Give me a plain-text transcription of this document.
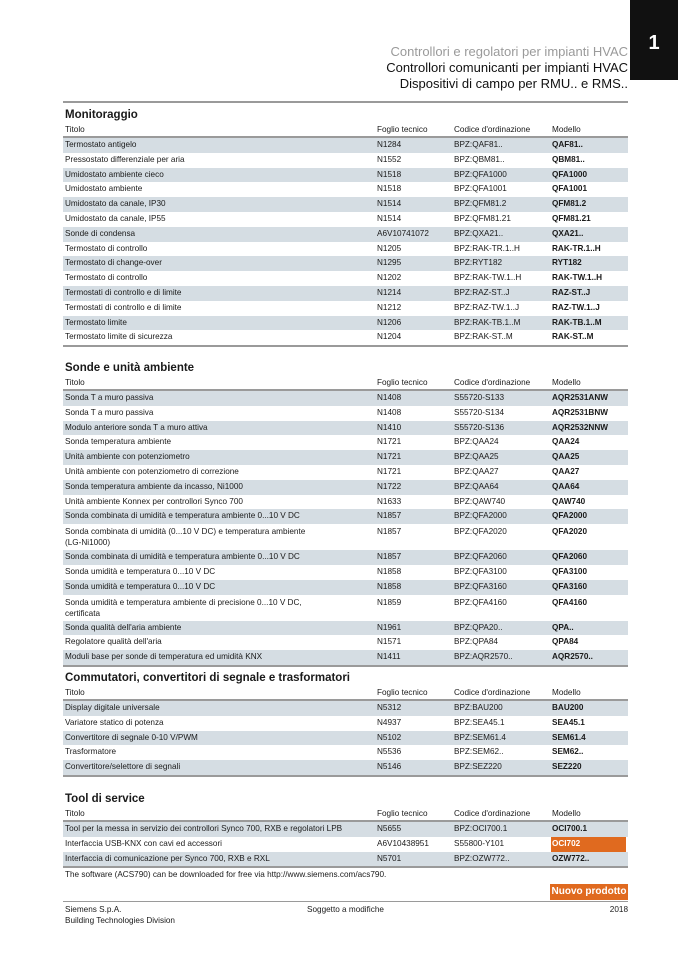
1
Controllori e regolatori per impianti HVAC
Controllori comunicanti per impianti HVAC
Dispositivi di campo per RMU.. e RMS..
Monitoraggio
Titolo	Foglio tecnico	Codice d'ordinazione	Modello
Termostato antigelo	N1284	BPZ:QAF81..	QAF81..
Pressostato differenziale per aria	N1552	BPZ:QBM81..	QBM81..
Umidostato ambiente cieco	N1518	BPZ:QFA1000	QFA1000
Umidostato ambiente	N1518	BPZ:QFA1001	QFA1001
Umidostato da canale, IP30	N1514	BPZ:QFM81.2	QFM81.2
Umidostato da canale, IP55	N1514	BPZ:QFM81.21	QFM81.21
Sonde di condensa	A6V10741072	BPZ:QXA21..	QXA21..
Termostato di controllo	N1205	BPZ:RAK-TR.1..H	RAK-TR.1..H
Termostato di change-over	N1295	BPZ:RYT182	RYT182
Termostato di controllo	N1202	BPZ:RAK-TW.1..H	RAK-TW.1..H
Termostati di controllo e di limite	N1214	BPZ:RAZ-ST..J	RAZ-ST..J
Termostati di controllo e di limite	N1212	BPZ:RAZ-TW.1..J	RAZ-TW.1..J
Termostato limite	N1206	BPZ:RAK-TB.1..M	RAK-TB.1..M
Termostato limite di sicurezza	N1204	BPZ:RAK-ST..M	RAK-ST..M
Sonde e unità ambiente
Titolo	Foglio tecnico	Codice d'ordinazione	Modello
Sonda T a muro passiva	N1408	S55720-S133	AQR2531ANW
Sonda T a muro passiva	N1408	S55720-S134	AQR2531BNW
Modulo anteriore sonda T a muro attiva	N1410	S55720-S136	AQR2532NNW
Sonda temperatura ambiente	N1721	BPZ:QAA24	QAA24
Unità ambiente con potenziometro	N1721	BPZ:QAA25	QAA25
Unità ambiente con potenziometro di correzione	N1721	BPZ:QAA27	QAA27
Sonda temperatura ambiente da incasso, Ni1000	N1722	BPZ:QAA64	QAA64
Unità ambiente Konnex per controllori Synco 700	N1633	BPZ:QAW740	QAW740
Sonda combinata di umidità e temperatura ambiente 0...10 V DC	N1857	BPZ:QFA2000	QFA2000
Sonda combinata di umidità (0...10 V DC) e temperatura ambiente (LG-Ni1000)
N1857	BPZ:QFA2020	QFA2020
Sonda combinata di umidità e temperatura ambiente 0...10 V DC	N1857	BPZ:QFA2060	QFA2060
Sonda umidità e temperatura 0...10 V DC	N1858	BPZ:QFA3100	QFA3100
Sonda umidità e temperatura 0...10 V DC	N1858	BPZ:QFA3160	QFA3160
Sonda umidità e temperatura ambiente di precisione 0...10 V DC, certificata
N1859	BPZ:QFA4160	QFA4160
Sonda qualità dell'aria ambiente	N1961	BPZ:QPA20..	QPA..
Regolatore qualità dell'aria	N1571	BPZ:QPA84	QPA84
Moduli base per sonde di temperatura ed umidità KNX	N1411	BPZ:AQR2570..	AQR2570..
Commutatori, convertitori di segnale e trasformatori
Titolo	Foglio tecnico	Codice d'ordinazione	Modello
Display digitale universale	N5312	BPZ:BAU200	BAU200
Variatore statico di potenza	N4937	BPZ:SEA45.1	SEA45.1
Convertitore di segnale 0-10 V/PWM	N5102	BPZ:SEM61.4	SEM61.4
Trasformatore	N5536	BPZ:SEM62..	SEM62..
Convertitore/selettore di segnali	N5146	BPZ:SEZ220	SEZ220
Tool di service
Titolo	Foglio tecnico	Codice d'ordinazione	Modello
Tool per la messa in servizio dei controllori Synco 700, RXB e regolatori LPB	N5655	BPZ:OCI700.1	OCI700.1
Interfaccia USB-KNX con cavi ed accessori	A6V10438951	S55800-Y101	OCI702
Interfaccia di comunicazione per Synco 700, RXB e RXL	N5701	BPZ:OZW772..	OZW772..
The software (ACS790) can be downloaded for free via http://www.siemens.com/acs790.
Nuovo prodotto
Siemens S.p.A.
Building Technologies Division
Soggetto a modifiche	2018
